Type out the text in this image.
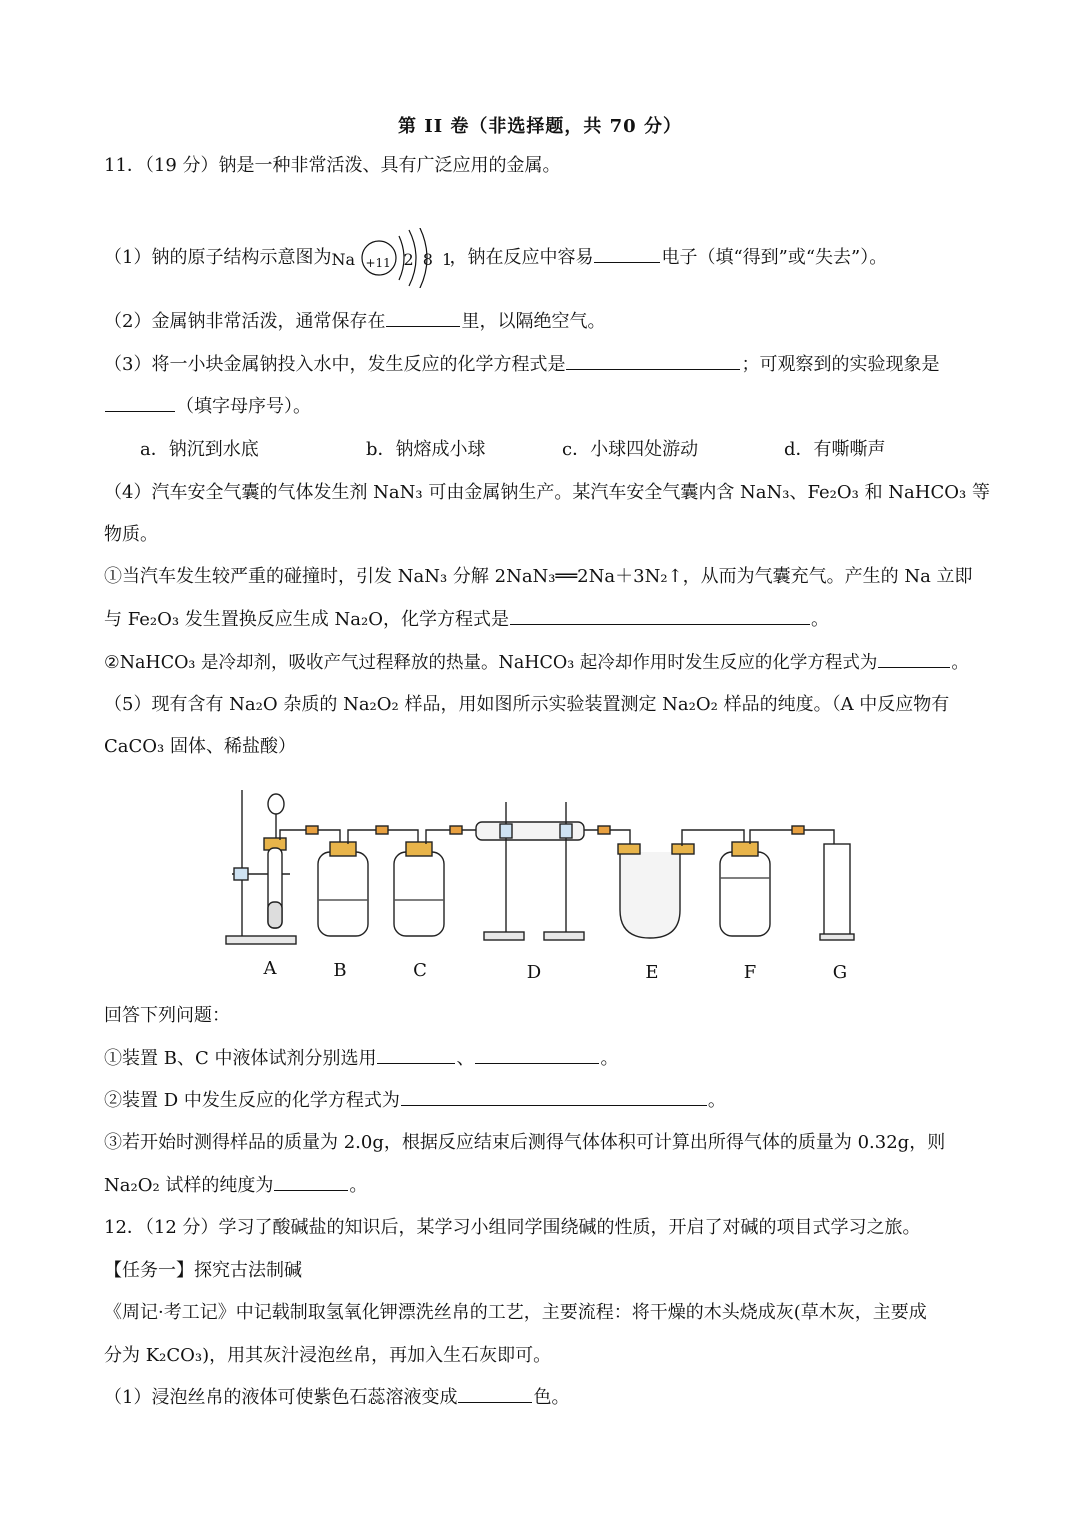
第 II 卷（非选择题，共 70 分）
11．（19 分）钠是一种非常活泼、具有广泛应用的金属。
（1）钠的原子结构示意图为 Na +11 2 8 1
，钠在反应中容易	电子（填“得到”或“失去”）。
（2）金属钠非常活泼，通常保存在	里，以隔绝空气。
（3）将一小块金属钠投入水中，发生反应的化学方程式是	；可观察到的实验现象是
（填字母序号）。
a．钠沉到水底	b．钠熔成小球	c．小球四处游动	d．有嘶嘶声
（4）汽车安全气囊的气体发生剂 NaN₃ 可由金属钠生产。某汽车安全气囊内含 NaN₃、Fe₂O₃ 和 NaHCO₃ 等
物质。
①当汽车发生较严重的碰撞时，引发 NaN₃ 分解 2NaN₃══2Na＋3N₂↑，从而为气囊充气。产生的 Na 立即
与 Fe₂O₃ 发生置换反应生成 Na₂O，化学方程式是	。
②NaHCO₃ 是冷却剂，吸收产气过程释放的热量。NaHCO₃ 起冷却作用时发生反应的化学方程式为	。
（5）现有含有 Na₂O 杂质的 Na₂O₂ 样品，用如图所示实验装置测定 Na₂O₂ 样品的纯度。（A 中反应物有
CaCO₃ 固体、稀盐酸）
A	B	C	D	E	F	G
回答下列问题：
①装置 B、C 中液体试剂分别选用	、	。
②装置 D 中发生反应的化学方程式为	。
③若开始时测得样品的质量为 2.0g，根据反应结束后测得气体体积可计算出所得气体的质量为 0.32g，则
Na₂O₂ 试样的纯度为	。
12．（12 分）学习了酸碱盐的知识后，某学习小组同学围绕碱的性质，开启了对碱的项目式学习之旅。
【任务一】探究古法制碱
《周记·考工记》中记载制取氢氧化钾漂洗丝帛的工艺，主要流程：将干燥的木头烧成灰(草木灰，主要成
分为 K₂CO₃)，用其灰汁浸泡丝帛，再加入生石灰即可。
（1）浸泡丝帛的液体可使紫色石蕊溶液变成	色。
